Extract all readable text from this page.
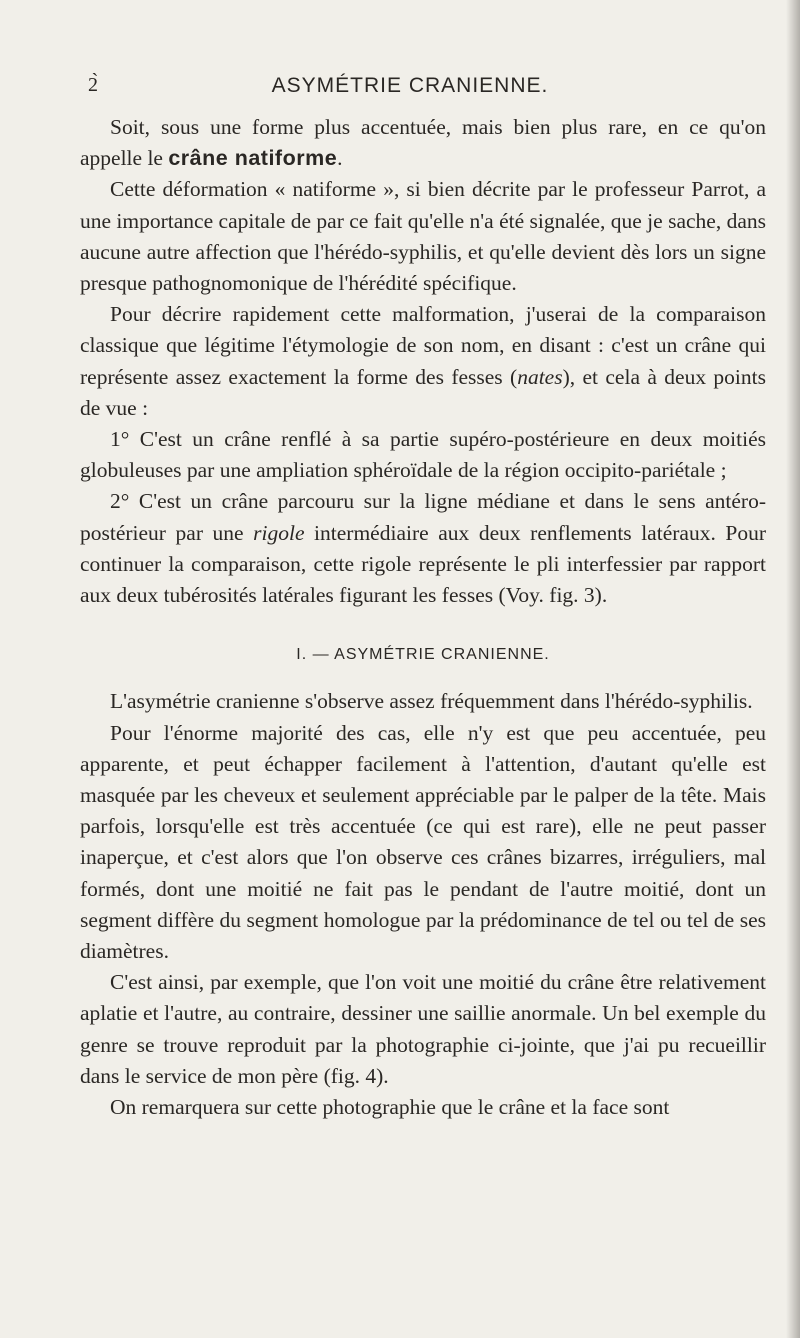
2̀	ASYMÉTRIE CRANIENNE.

Soit, sous une forme plus accentuée, mais bien plus rare, en ce qu'on appelle le crâne natiforme.

Cette déformation « natiforme », si bien décrite par le professeur Parrot, a une importance capitale de par ce fait qu'elle n'a été signalée, que je sache, dans aucune autre affection que l'hérédo-syphilis, et qu'elle devient dès lors un signe presque pathognomonique de l'hérédité spécifique.

Pour décrire rapidement cette malformation, j'userai de la comparaison classique que légitime l'étymologie de son nom, en disant : c'est un crâne qui représente assez exactement la forme des fesses (nates), et cela à deux points de vue :

1° C'est un crâne renflé à sa partie supéro-postérieure en deux moitiés globuleuses par une ampliation sphéroïdale de la région occipito-pariétale ;

2° C'est un crâne parcouru sur la ligne médiane et dans le sens antéro-postérieur par une rigole intermédiaire aux deux renflements latéraux. Pour continuer la comparaison, cette rigole représente le pli interfessier par rapport aux deux tubérosités latérales figurant les fesses (Voy. fig. 3).

I. — ASYMÉTRIE CRANIENNE.

L'asymétrie cranienne s'observe assez fréquemment dans l'hérédo-syphilis.

Pour l'énorme majorité des cas, elle n'y est que peu accentuée, peu apparente, et peut échapper facilement à l'attention, d'autant qu'elle est masquée par les cheveux et seulement appréciable par le palper de la tête. Mais parfois, lorsqu'elle est très accentuée (ce qui est rare), elle ne peut passer inaperçue, et c'est alors que l'on observe ces crânes bizarres, irréguliers, mal formés, dont une moitié ne fait pas le pendant de l'autre moitié, dont un segment diffère du segment homologue par la prédominance de tel ou tel de ses diamètres.

C'est ainsi, par exemple, que l'on voit une moitié du crâne être relativement aplatie et l'autre, au contraire, dessiner une saillie anormale. Un bel exemple du genre se trouve reproduit par la photographie ci-jointe, que j'ai pu recueillir dans le service de mon père (fig. 4).

On remarquera sur cette photographie que le crâne et la face sont
